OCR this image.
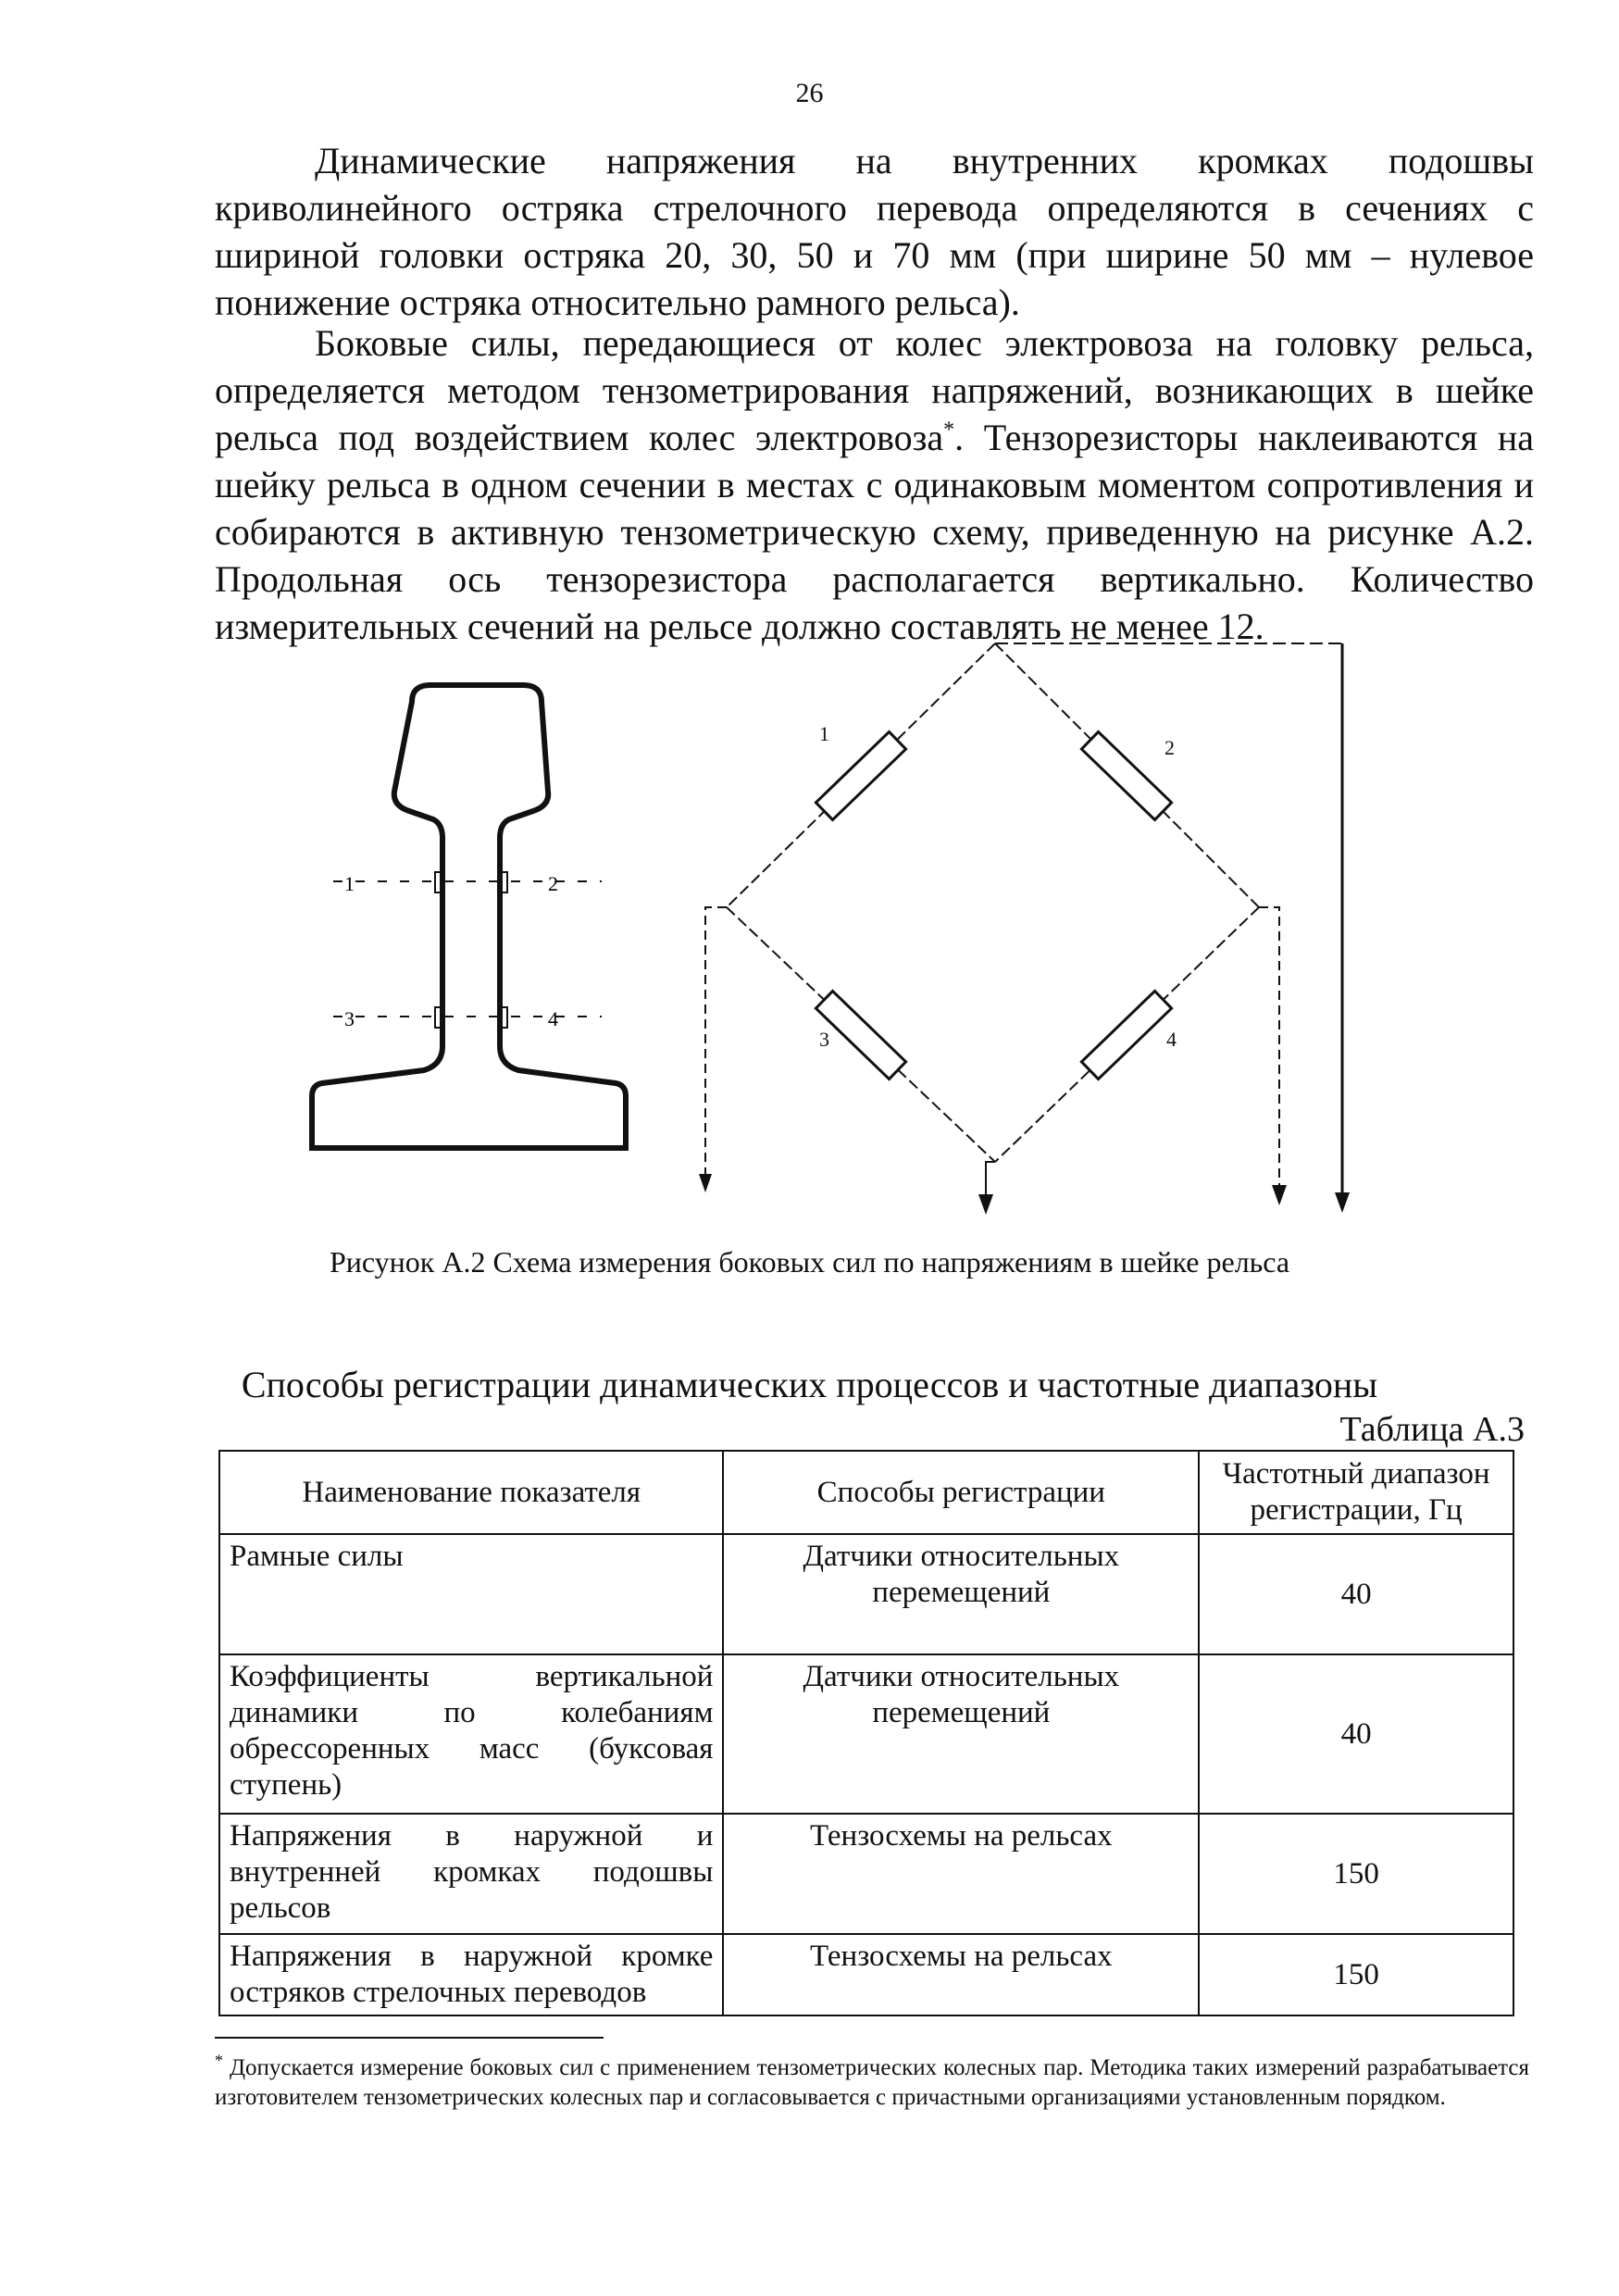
26

Динамические напряжения на внутренних кромках подошвы криволинейного остряка стрелочного перевода определяются в сечениях с шириной головки остряка 20, 30, 50 и 70 мм (при ширине 50 мм – нулевое понижение остряка относительно рамного рельса).

Боковые силы, передающиеся от колес электровоза на головку рельса, определяется методом тензометрирования напряжений, возникающих в шейке рельса под воздействием колес электровоза*. Тензорезисторы наклеиваются на шейку рельса в одном сечении в местах с одинаковым моментом сопротивления и собираются в активную тензометрическую схему, приведенную на рисунке А.2. Продольная ось тензорезистора располагается вертикально. Количество измерительных сечений на рельсе должно составлять не менее 12.

1	2
3	4
1
2
3	4
Рисунок А.2 Схема измерения боковых сил по напряжениям в шейке рельса
Способы регистрации динамических процессов и частотные диапазоны
Таблица А.3
Наименование показателя	Способы регистрации	Частотный диапазон регистрации, Гц
Рамные силы	Датчики относительных перемещений	40
Коэффициенты вертикальной динамики по колебаниям обрессоренных масс (буксовая ступень)	Датчики относительных перемещений	40
Напряжения в наружной и внутренней кромках подошвы рельсов	Тензосхемы на рельсах	150
Напряжения в наружной кромке остряков стрелочных переводов	Тензосхемы на рельсах	150

* Допускается измерение боковых сил с применением тензометрических колесных пар. Методика таких измерений разрабатывается изготовителем тензометрических колесных пар и согласовывается с причастными организациями установленным порядком.
